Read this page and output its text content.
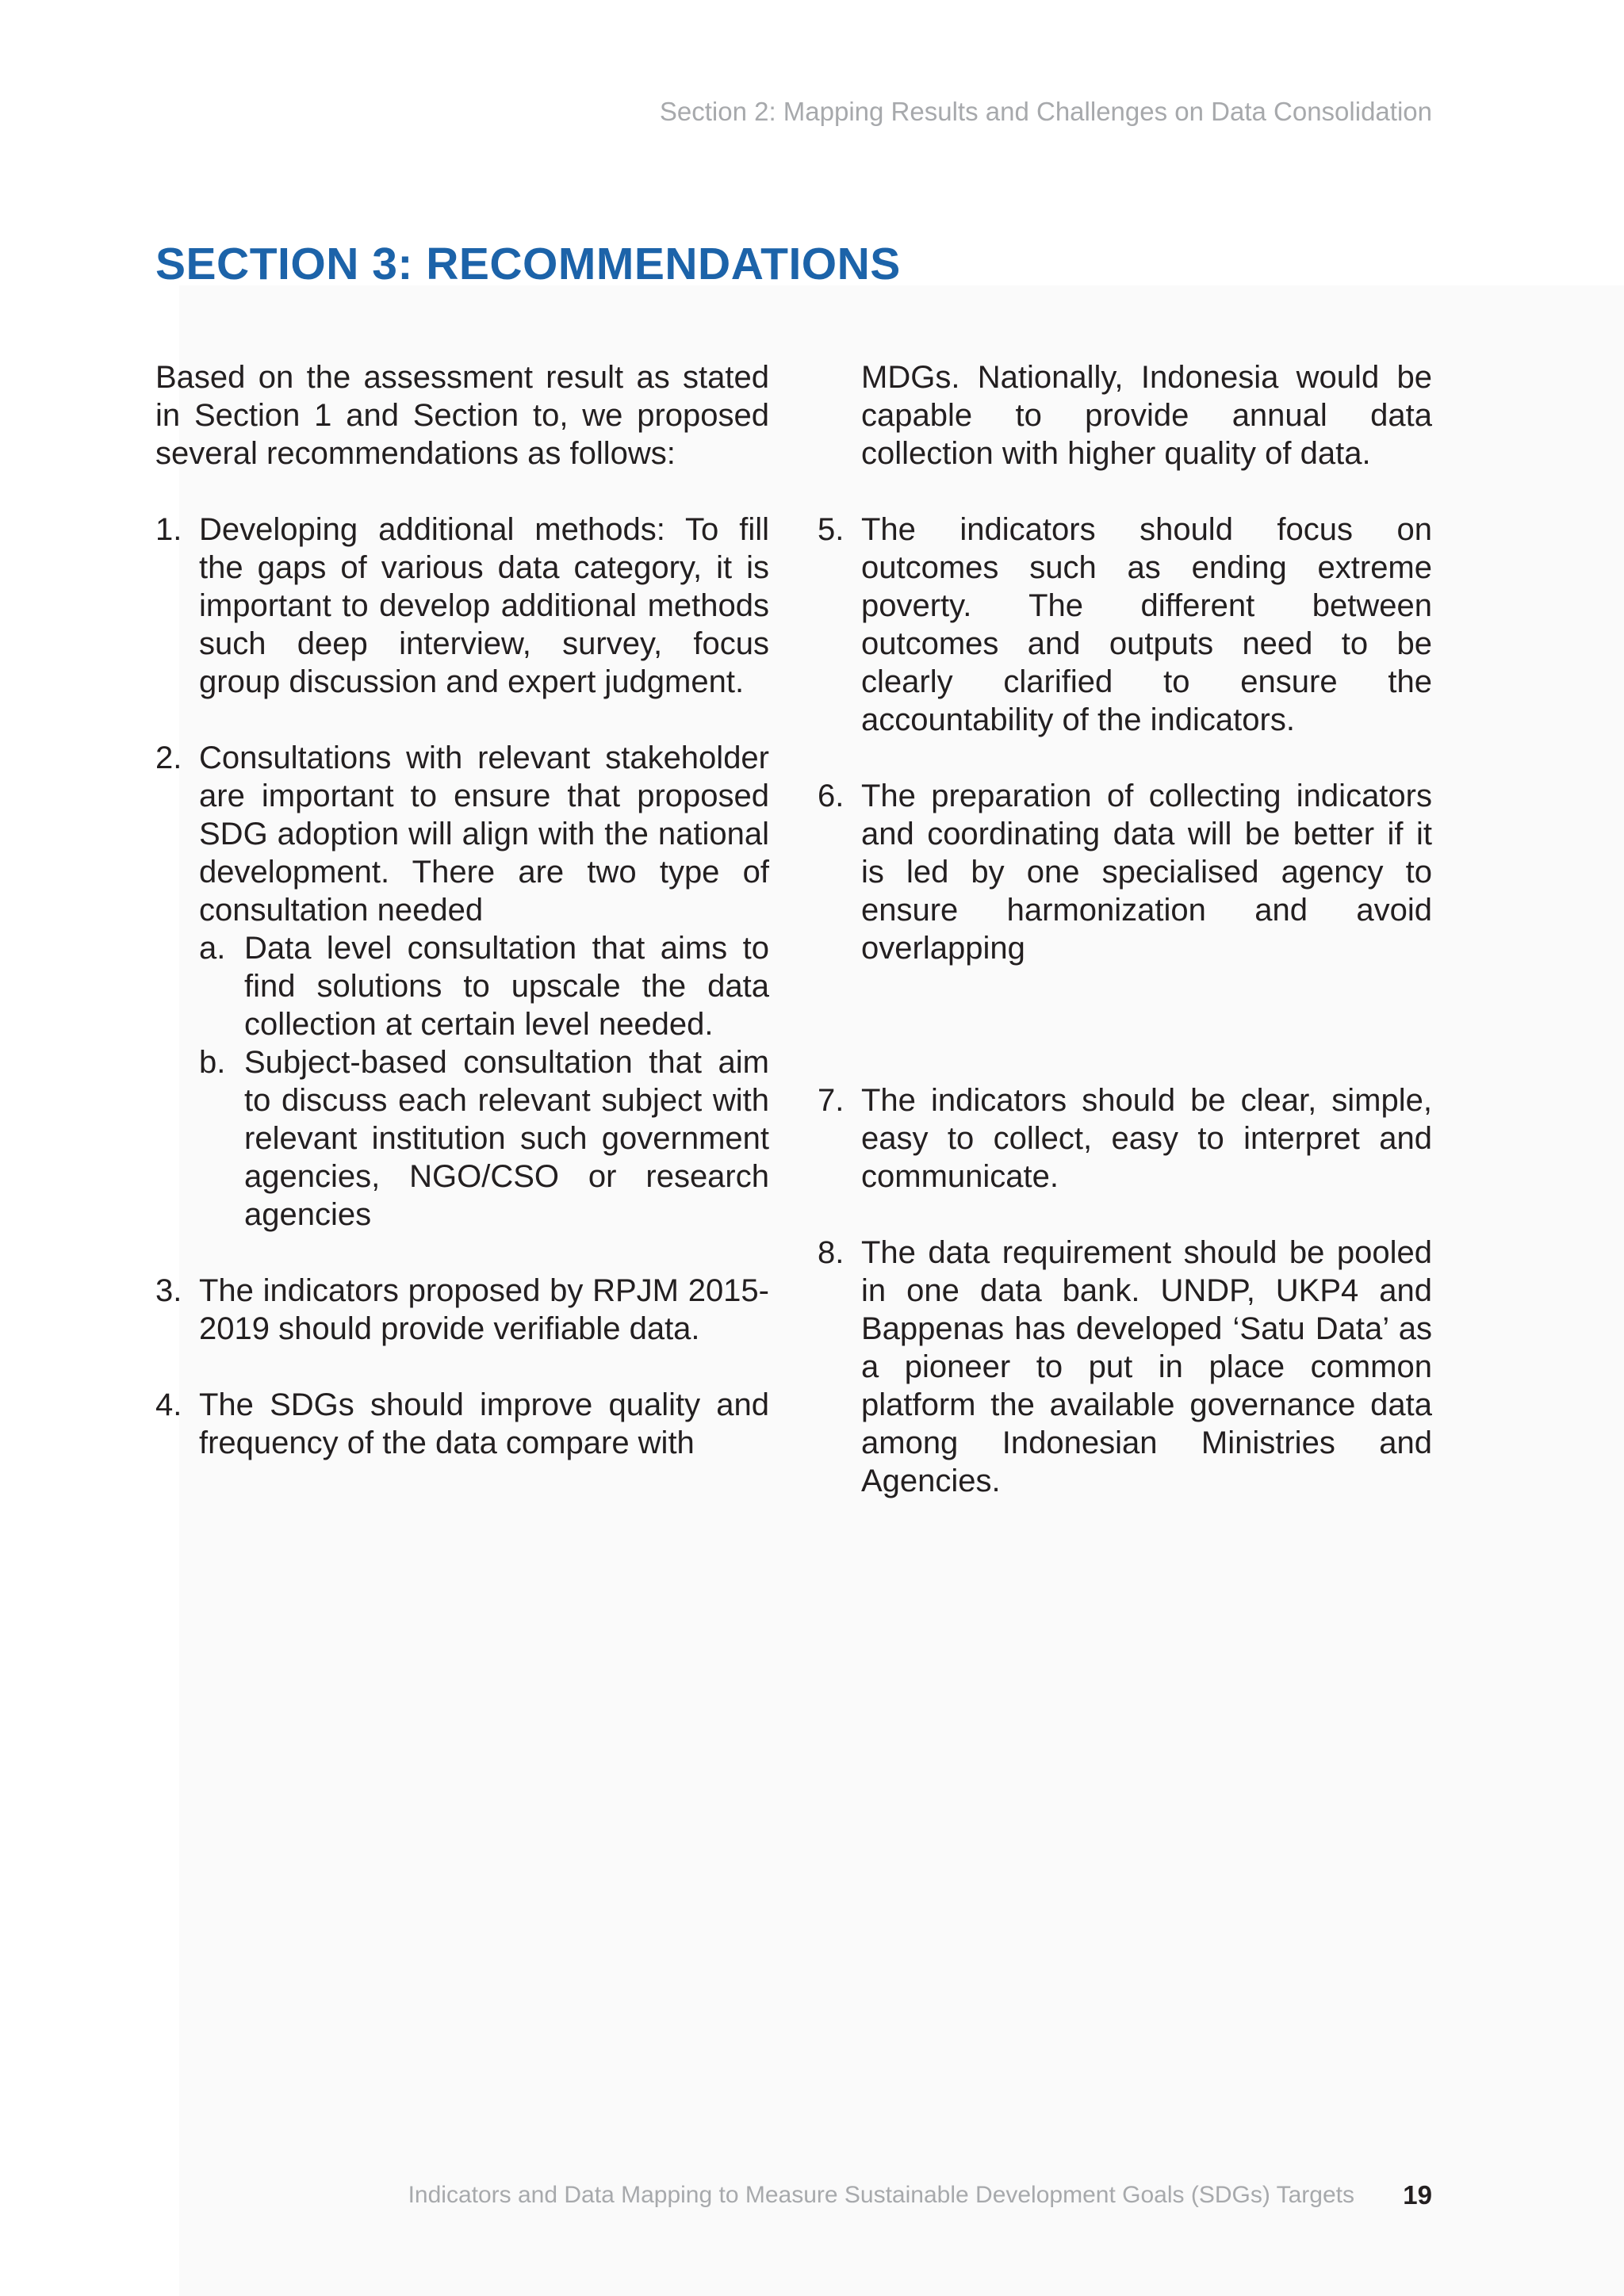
Section 2: Mapping Results and Challenges on Data Consolidation
SECTION 3: RECOMMENDATIONS

Based on the assessment result as stated in Section 1 and Section to, we proposed several recommendations as follows:

1. Developing additional methods: To fill the gaps of various data category, it is important to develop additional methods such deep interview, survey, focus group discussion and expert judgment.
2. Consultations with relevant stakeholder are important to ensure that proposed SDG adoption will align with the national development. There are two type of consultation needed

a. Data level consultation that aims to find solutions to upscale the data collection at certain level needed.
b. Subject-based consultation that aim to discuss each relevant subject with relevant institution such government agencies, NGO/CSO or research agencies
3. The indicators proposed by RPJM 2015-2019 should provide verifiable data.
4. The SDGs should improve quality and frequency of the data compare with

MDGs. Nationally, Indonesia would be capable to provide annual data collection with higher quality of data.

5. The indicators should focus on outcomes such as ending extreme poverty. The different between outcomes and outputs need to be clearly clarified to ensure the accountability of the indicators.
6. The preparation of collecting indicators and coordinating data will be better if it is led by one specialised agency to ensure harmonization and avoid overlapping
7. The indicators should be clear, simple, easy to collect, easy to interpret and communicate.
8. The data requirement should be pooled in one data bank. UNDP, UKP4 and Bappenas has developed ‘Satu Data’ as a pioneer to put in place common platform the available governance data among Indonesian Ministries and Agencies.
Indicators and Data Mapping to Measure Sustainable Development Goals (SDGs) Targets 19
